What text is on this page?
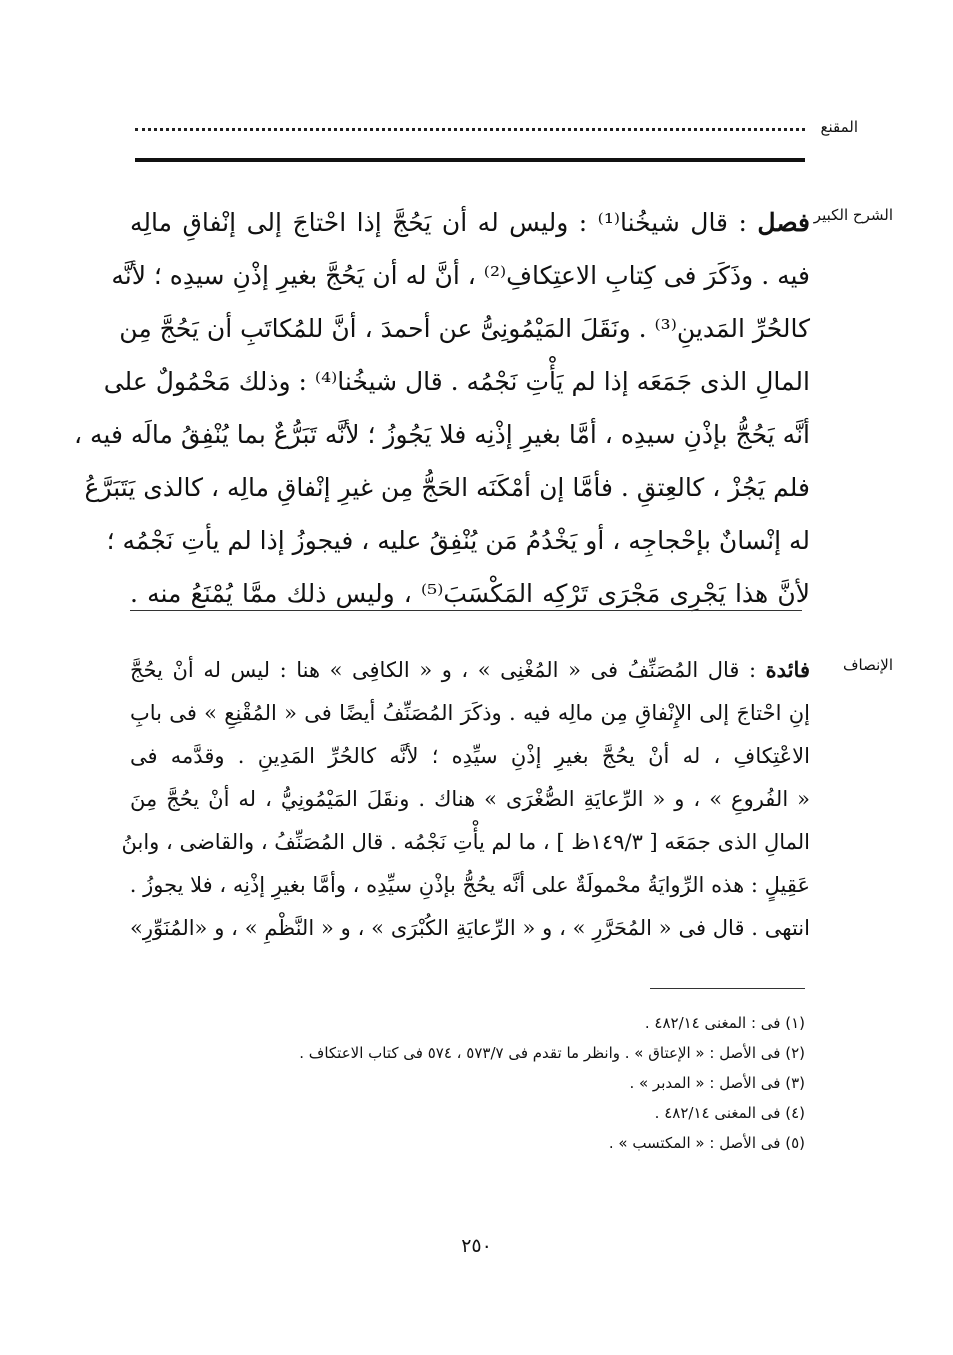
المقنع
الشرح الكبير
فصل : قال شيخُنا⁽¹⁾ : وليس له أن يَحُجَّ إذا احْتاجَ إلى إنْفاقِ مالِه
فيه . وذَكَرَ فى كِتابِ الاعتِكافِ⁽²⁾ ، أنَّ له أن يَحُجَّ بغيرِ إذْنِ سيدِه ؛ لأنَّه
كالحُرِّ المَدينِ⁽³⁾ . ونَقَلَ المَيْمُونِىُّ عن أحمدَ ، أنَّ للمُكاتَبِ أن يَحُجَّ مِن
المالِ الذى جَمَعَه إذا لم يَأْتِ نَجْمُه . قال شيخُنا⁽⁴⁾ : وذلك مَحْمُولٌ على
أنَّه يَحُجُّ بإذْنِ سيدِه ، أمَّا بغيرِ إذْنِه فلا يَجُوزُ ؛ لأنَّه تَبَرُّعٌ بما يُنْفِقُ مالَه فيه ،
فلم يَجُزْ ، كالعِتقِ . فأمَّا إن أمْكَنَه الحَجُّ مِن غيرِ إنْفاقِ مالِه ، كالذى يَتَبَرَّعُ
له إنْسانٌ بإحْجاجِه ، أو يَخْدُمُ مَن يُنْفِقُ عليه ، فيجوزُ إذا لم يأتِ نَجْمُه ؛
لأنَّ هذا يَجْرِى مَجْرَى تَرْكِه المَكْسَبَ⁽⁵⁾ ، وليس ذلك ممَّا يُمْنَعُ منه .
الإنصاف
فائدة : قال المُصَنِّفُ فى « المُغْنِى » ، و « الكافِى » هنا : ليس له أنْ يحُجَّ
إنِ احْتاجَ إلى الإِنْفاقِ مِن مالِه فيه . وذكَرَ المُصَنِّفُ أيضًا فى « المُقْنِعِ » فى بابِ
الاعْتِكافِ ، له أنْ يحُجَّ بغيرِ إذْنِ سيِّدِه ؛ لأنَّه كالحُرِّ المَدِينِ . وقدَّمه فى
« الفُروعِ » ، و « الرِّعايَةِ الصُّغْرَى » هناك . ونقَلَ المَيْمُونِيُّ ، له أنْ يحُجَّ مِنَ
المالِ الذى جمَعَه [ ١٤٩/٣ظ ] ، ما لم يأْتِ نَجْمُه . قال المُصَنِّفُ ، والقاضى ، وابنُ
عَقِيلٍ : هذه الرِّوايَةُ محْمولَةٌ على أنَّه يحُجُّ بإذْنِ سيِّدِه ، وأمَّا بغيرِ إذْنِه ، فلا يجوزُ .
انتهى . قال فى « المُحَرَّرِ » ، و « الرِّعايَةِ الكُبْرَى » ، و « النَّظْمِ » ، و «المُنَوِّرِ»
(١) فى : المغنى ٤٨٢/١٤ .
(٢) فى الأصل : « الإعتاق » . وانظر ما تقدم فى ٥٧٣/٧ ، ٥٧٤ فى كتاب الاعتكاف .
(٣) فى الأصل : « المدبر » .
(٤) فى المغنى ٤٨٢/١٤ .
(٥) فى الأصل : « المكتسب » .
٢٥٠
